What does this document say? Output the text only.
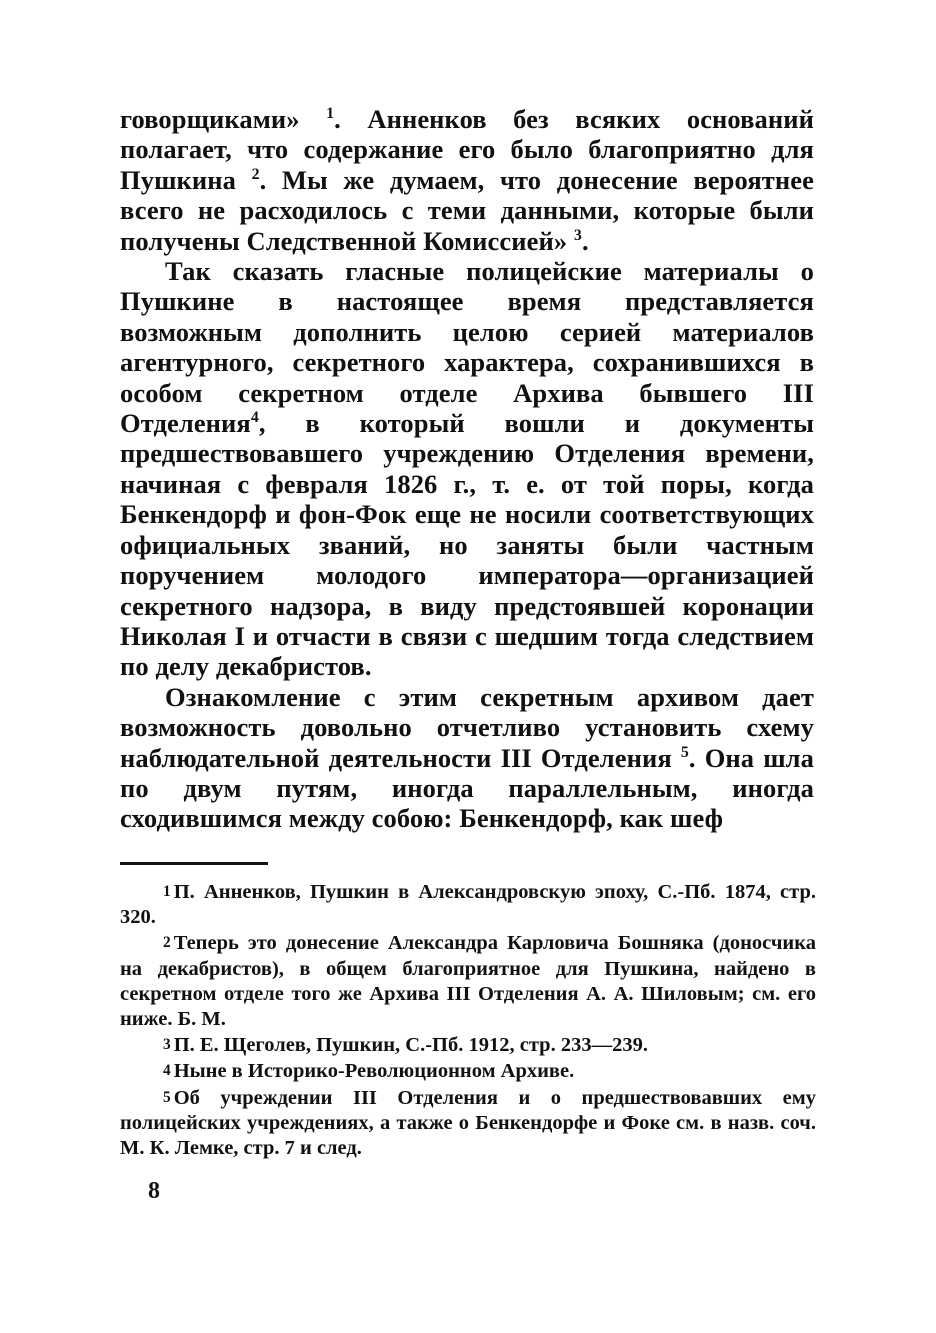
говорщиками» $^1$. Анненков без всяких оснований полагает, что содержание его было благоприятно для Пушкина $^2$. Мы же думаем, что донесение вероятнее всего не расходилось с теми данными, которые были получены Следственной Комиссией» $^3$.

Так сказать гласные полицейские материалы о Пушкине в настоящее время представляется возможным дополнить целою серией материалов агентурного, секретного характера, сохранившихся в особом секретном отделе Архива бывшего III Отделения$^4$, в который вошли и документы предшествовавшего учреждению Отделения времени, начиная с февраля 1826 г., т. е. от той поры, когда Бенкендорф и фон-Фок еще не носили соответствующих официальных званий, но заняты были частным поручением молодого императора—организацией секретного надзора, в виду предстоявшей коронации Николая I и отчасти в связи с шедшим тогда следствием по делу декабристов.

Ознакомление с этим секретным архивом дает возможность довольно отчетливо установить схему наблюдательной деятельности III Отделения $^5$. Она шла по двум путям, иногда параллельным, иногда сходившимся между собою: Бенкендорф, как шеф

1 П. Анненков, Пушкин в Александровскую эпоху, С.-Пб. 1874, стр. 320.

2 Теперь это донесение Александра Карловича Бошняка (доносчика на декабристов), в общем благоприятное для Пушкина, найдено в секретном отделе того же Архива III Отделения А. А. Шиловым; см. его ниже. Б. М.

3 П. Е. Щеголев, Пушкин, С.-Пб. 1912, стр. 233—239.

4 Ныне в Историко-Революционном Архиве.

5 Об учреждении III Отделения и о предшествовавших ему полицейских учреждениях, а также о Бенкендорфе и Фоке см. в назв. соч. М. К. Лемке, стр. 7 и след.

8
